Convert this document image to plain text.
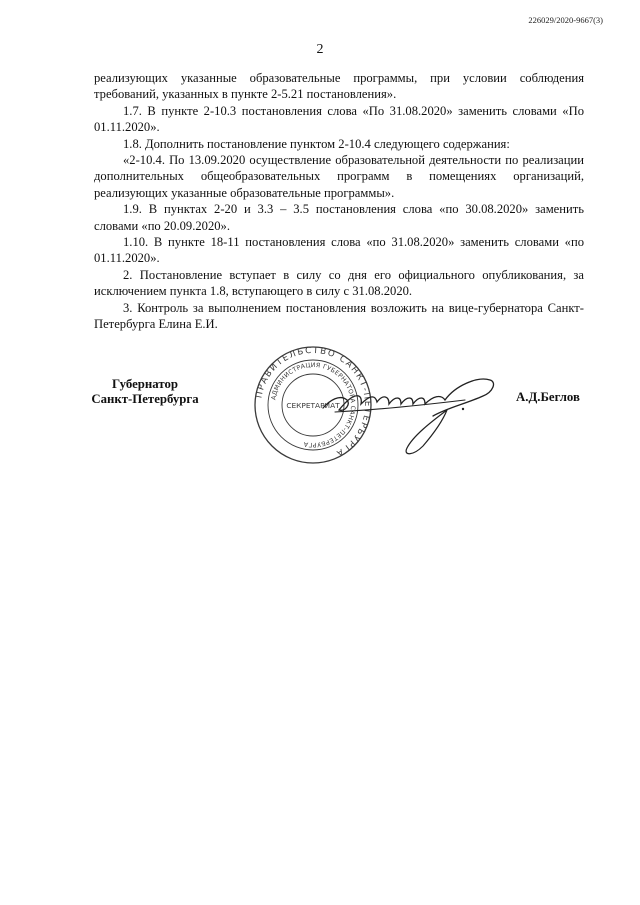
226029/2020-9667(3)
2

реализующих указанные образовательные программы, при условии соблюдения требований, указанных в пункте 2-5.21 постановления».

1.7. В пункте 2-10.3 постановления слова «По 31.08.2020» заменить словами «По 01.11.2020».

1.8. Дополнить постановление пунктом 2-10.4 следующего содержания:

«2-10.4. По 13.09.2020 осуществление образовательной деятельности по реализации дополнительных общеобразовательных программ в помещениях организаций, реализующих указанные образовательные программы».

1.9. В пунктах 2-20 и 3.3 – 3.5 постановления слова «по 30.08.2020» заменить словами «по 20.09.2020».

1.10. В пункте 18-11 постановления слова «по 31.08.2020» заменить словами «по 01.11.2020».

2. Постановление вступает в силу со дня его официального опубликования, за исключением пункта 1.8, вступающего в силу с 31.08.2020.

3. Контроль за выполнением постановления возложить на вице-губернатора Санкт-Петербурга Елина Е.И.

Губернатор
Санкт-Петербурга	ПРАВИТЕЛЬСТВО САНКТ-ПЕТЕРБУРГА
АДМИНИСТРАЦИЯ ГУБЕРНАТОРА САНКТ-ПЕТЕРБУРГА
СЕКРЕТАРИАТ
А.Д.Беглов
